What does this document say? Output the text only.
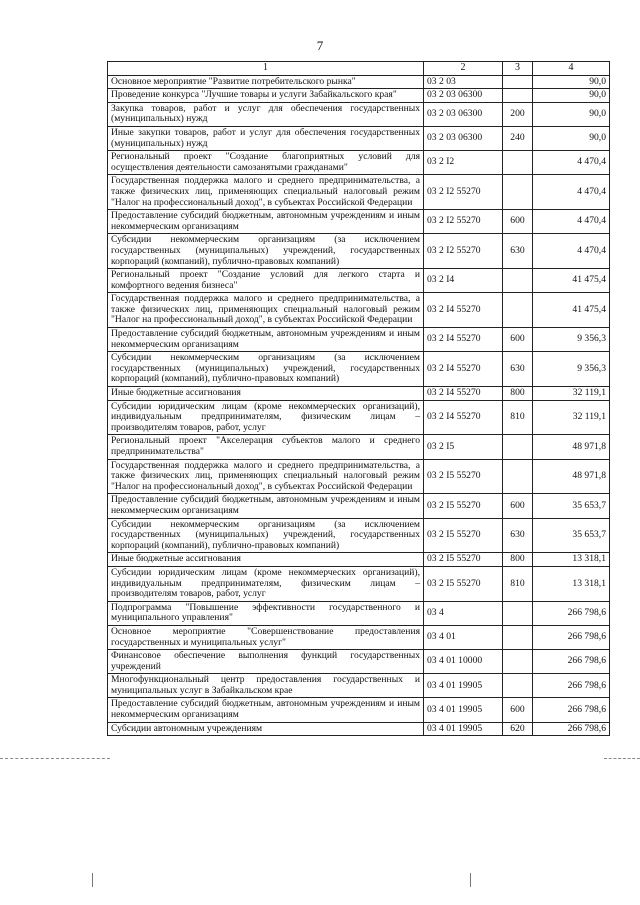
7
1	2	3	4
Основное мероприятие "Развитие потребительского рынка"	03 2 03		90,0
Проведение конкурса "Лучшие товары и услуги Забайкальского края"	03 2 03 06300		90,0
Закупка товаров, работ и услуг для обеспечения государственных (муниципальных) нужд	03 2 03 06300	200	90,0
Иные закупки товаров, работ и услуг для обеспечения государственных (муниципальных) нужд	03 2 03 06300	240	90,0
Региональный проект "Создание благоприятных условий для осуществления деятельности самозанятыми гражданами"	03 2 I2		4 470,4
Государственная поддержка малого и среднего предпринимательства, а также физических лиц, применяющих специальный налоговый режим "Налог на профессиональный доход", в субъектах Российской Федерации	03 2 I2 55270		4 470,4
Предоставление субсидий бюджетным, автономным учреждениям и иным некоммерческим организациям	03 2 I2 55270	600	4 470,4
Субсидии некоммерческим организациям (за исключением государственных (муниципальных) учреждений, государственных корпораций (компаний), публично-правовых компаний)	03 2 I2 55270	630	4 470,4
Региональный проект "Создание условий для легкого старта и комфортного ведения бизнеса"	03 2 I4		41 475,4
Государственная поддержка малого и среднего предпринимательства, а также физических лиц, применяющих специальный налоговый режим "Налог на профессиональный доход", в субъектах Российской Федерации	03 2 I4 55270		41 475,4
Предоставление субсидий бюджетным, автономным учреждениям и иным некоммерческим организациям	03 2 I4 55270	600	9 356,3
Субсидии некоммерческим организациям (за исключением государственных (муниципальных) учреждений, государственных корпораций (компаний), публично-правовых компаний)	03 2 I4 55270	630	9 356,3
Иные бюджетные ассигнования	03 2 I4 55270	800	32 119,1
Субсидии юридическим лицам (кроме некоммерческих организаций), индивидуальным предпринимателям, физическим лицам – производителям товаров, работ, услуг	03 2 I4 55270	810	32 119,1
Региональный проект "Акселерация субъектов малого и среднего предпринимательства"	03 2 I5		48 971,8
Государственная поддержка малого и среднего предпринимательства, а также физических лиц, применяющих специальный налоговый режим "Налог на профессиональный доход", в субъектах Российской Федерации	03 2 I5 55270		48 971,8
Предоставление субсидий бюджетным, автономным учреждениям и иным некоммерческим организациям	03 2 I5 55270	600	35 653,7
Субсидии некоммерческим организациям (за исключением государственных (муниципальных) учреждений, государственных корпораций (компаний), публично-правовых компаний)	03 2 I5 55270	630	35 653,7
Иные бюджетные ассигнования	03 2 I5 55270	800	13 318,1
Субсидии юридическим лицам (кроме некоммерческих организаций), индивидуальным предпринимателям, физическим лицам – производителям товаров, работ, услуг	03 2 I5 55270	810	13 318,1
Подпрограмма "Повышение эффективности государственного и муниципального управления"	03 4		266 798,6
Основное мероприятие "Совершенствование предоставления государственных и муниципальных услуг"	03 4 01		266 798,6
Финансовое обеспечение выполнения функций государственных учреждений	03 4 01 10000		266 798,6
Многофункциональный центр предоставления государственных и муниципальных услуг в Забайкальском крае	03 4 01 19905		266 798,6
Предоставление субсидий бюджетным, автономным учреждениям и иным некоммерческим организациям	03 4 01 19905	600	266 798,6
Субсидии автономным учреждениям	03 4 01 19905	620	266 798,6
